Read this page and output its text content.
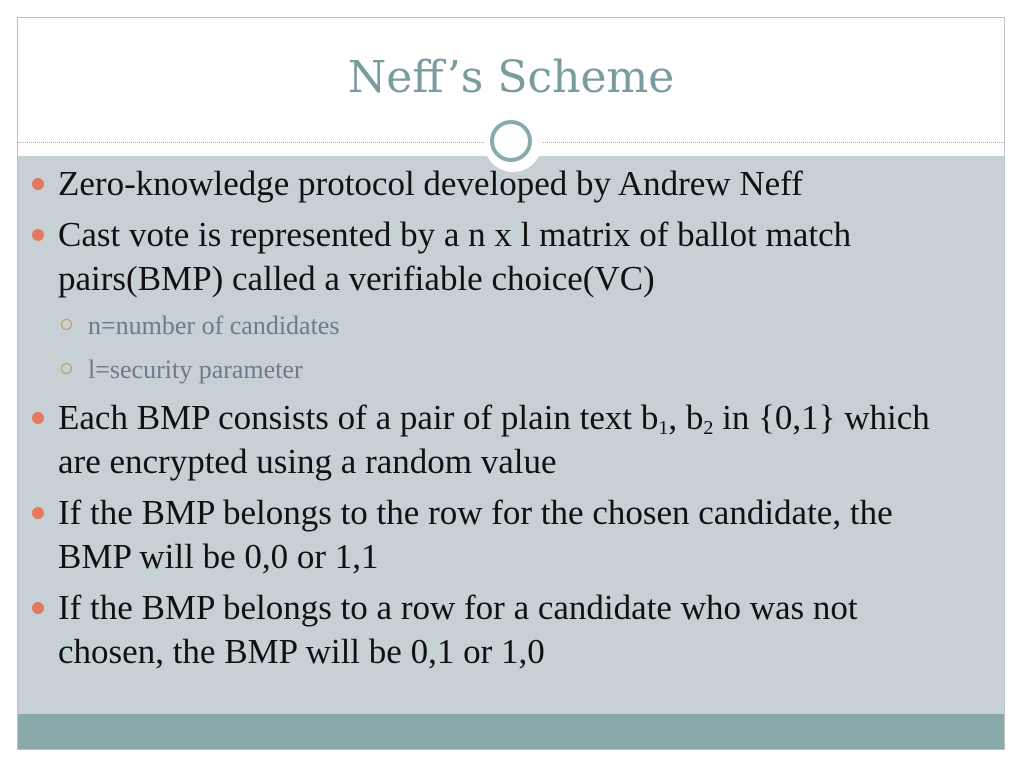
Neff’s Scheme
Zero-knowledge protocol developed by Andrew Neff
Cast vote is represented by a n x l matrix of ballot match pairs(BMP) called a verifiable choice(VC)
n=number of candidates
l=security parameter
Each BMP consists of a pair of plain text $b_1$, $b_2$ in {0,1} which are encrypted using a random value
If the BMP belongs to the row for the chosen candidate, the BMP will be 0,0 or 1,1
If the BMP belongs to a row for a candidate who was not chosen, the BMP will be 0,1 or 1,0
